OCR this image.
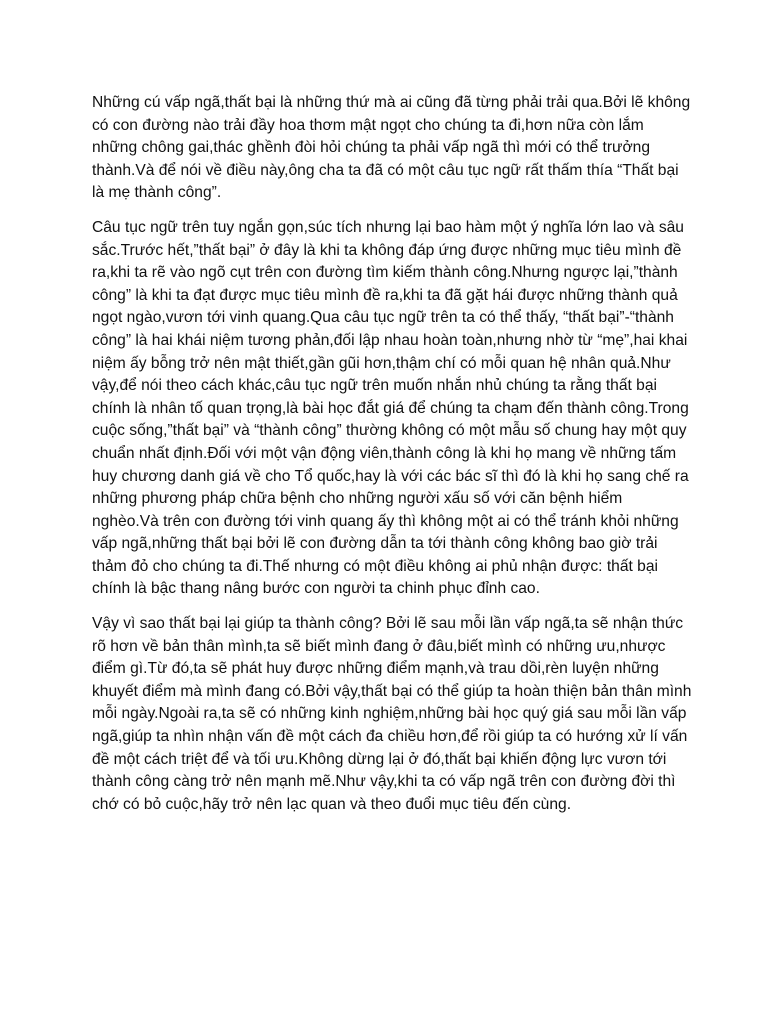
Những cú vấp ngã,thất bại là những thứ mà ai cũng đã từng phải trải qua.Bởi lẽ không có con đường nào trải đầy hoa thơm mật ngọt cho chúng ta đi,hơn nữa còn lắm những chông gai,thác ghềnh đòi hỏi chúng ta phải vấp ngã thì mới có thể trưởng thành.Và để nói về điều này,ông cha ta đã có một câu tục ngữ rất thấm thía “Thất bại là mẹ thành công”.

Câu tục ngữ trên tuy ngắn gọn,súc tích nhưng lại bao hàm một ý nghĩa lớn lao và sâu sắc.Trước hết,”thất bại” ở đây là khi ta không đáp ứng được những mục tiêu mình đề ra,khi ta rẽ vào ngõ cụt trên con đường tìm kiếm thành công.Nhưng ngược lại,”thành công” là khi ta đạt được mục tiêu mình đề ra,khi ta đã gặt hái được những thành quả ngọt ngào,vươn tới vinh quang.Qua câu tục ngữ trên ta có thể thấy, “thất bại”-“thành công” là hai khái niệm tương phản,đối lập nhau hoàn toàn,nhưng nhờ từ “mẹ”,hai khai niệm ấy bỗng trở nên mật thiết,gần gũi hơn,thậm chí có mỗi quan hệ nhân quả.Như vậy,để nói theo cách khác,câu tục ngữ trên muốn nhắn nhủ chúng ta rằng thất bại chính là nhân tố quan trọng,là bài học đắt giá để chúng ta chạm đến thành công.Trong cuộc sống,”thất bại” và “thành công” thường không có một mẫu số chung hay một quy chuẩn nhất định.Đối với một vận động viên,thành công là khi họ mang về những tấm huy chương danh giá về cho Tổ quốc,hay là với các bác sĩ thì đó là khi họ sang chế ra những phương pháp chữa bệnh cho những người xấu số với căn bệnh hiểm nghèo.Và trên con đường tới vinh quang ấy thì không một ai có thể tránh khỏi những vấp ngã,những thất bại bởi lẽ con đường dẫn ta tới thành công không bao giờ trải thảm đỏ cho chúng ta đi.Thế nhưng có một điều không ai phủ nhận được: thất bại chính là bậc thang nâng bước con người ta chinh phục đỉnh cao.

Vậy vì sao thất bại lại giúp ta thành công? Bởi lẽ sau mỗi lần vấp ngã,ta sẽ nhận thức rõ hơn về bản thân mình,ta sẽ biết mình đang ở đâu,biết mình có những ưu,nhược điểm gì.Từ đó,ta sẽ phát huy được những điểm mạnh,và trau dồi,rèn luyện những khuyết điểm mà mình đang có.Bởi vậy,thất bại có thể giúp ta hoàn thiện bản thân mình mỗi ngày.Ngoài ra,ta sẽ có những kinh nghiệm,những bài học quý giá sau mỗi lần vấp ngã,giúp ta nhìn nhận vấn đề một cách đa chiều hơn,để rồi giúp ta có hướng xử lí vấn đề một cách triệt để và tối ưu.Không dừng lại ở đó,thất bại khiến động lực vươn tới thành công càng trở nên mạnh mẽ.Như vậy,khi ta có vấp ngã trên con đường đời thì chớ có bỏ cuộc,hãy trở nên lạc quan và theo đuổi mục tiêu đến cùng.
